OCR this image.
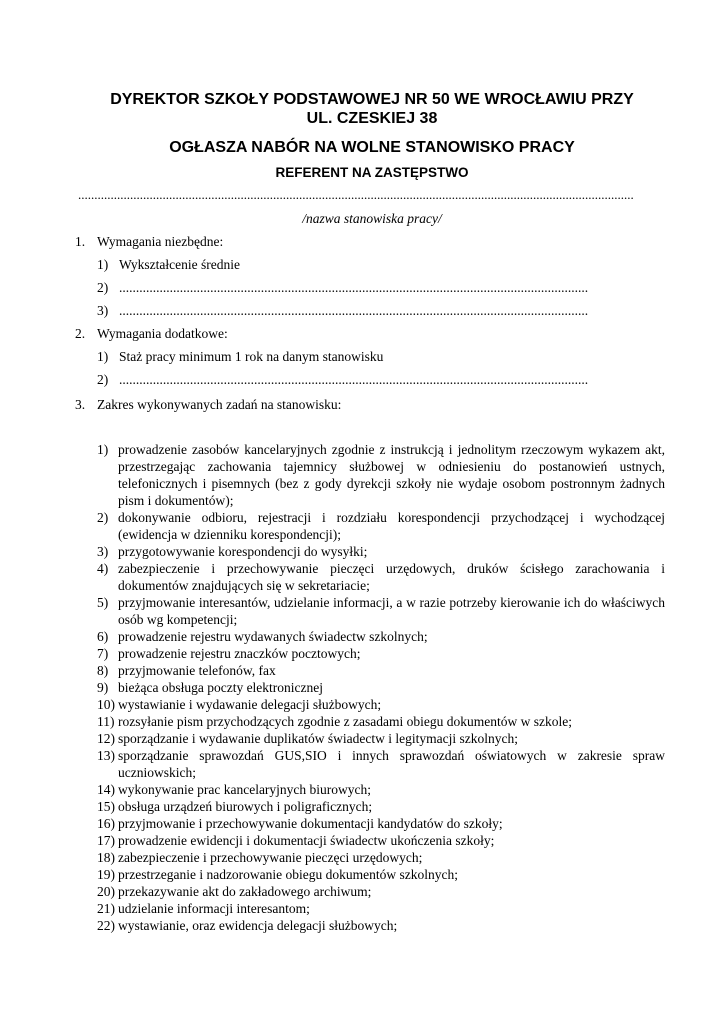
DYREKTOR SZKOŁY PODSTAWOWEJ NR 50 WE WROCŁAWIU PRZY
UL. CZESKIEJ 38
OGŁASZA NABÓR NA WOLNE STANOWISKO PRACY
REFERENT NA ZASTĘPSTWO
...........................................................................................................................................................................
/nazwa stanowiska pracy/
1. Wymagania niezbędne:
1) Wykształcenie średnie
2) ...........................................................................................................................................
3) ...........................................................................................................................................
2. Wymagania dodatkowe:
1) Staż pracy minimum 1 rok na danym stanowisku
2) ...........................................................................................................................................
3. Zakres wykonywanych zadań na stanowisku:
1) prowadzenie zasobów kancelaryjnych zgodnie z instrukcją i jednolitym rzeczowym wykazem akt, przestrzegając zachowania tajemnicy służbowej w odniesieniu do postanowień ustnych, telefonicznych i pisemnych (bez z gody dyrekcji szkoły nie wydaje osobom postronnym żadnych pism i dokumentów);
2) dokonywanie odbioru, rejestracji i rozdziału korespondencji przychodzącej i wychodzącej (ewidencja w dzienniku korespondencji);
3) przygotowywanie korespondencji do wysyłki;
4) zabezpieczenie i przechowywanie pieczęci urzędowych, druków ścisłego zarachowania i dokumentów znajdujących się w sekretariacie;
5) przyjmowanie interesantów, udzielanie informacji, a w razie potrzeby kierowanie ich do właściwych osób wg kompetencji;
6) prowadzenie rejestru wydawanych świadectw szkolnych;
7) prowadzenie rejestru znaczków pocztowych;
8) przyjmowanie telefonów, fax
9) bieżąca obsługa poczty elektronicznej
10) wystawianie i wydawanie delegacji służbowych;
11) rozsyłanie pism przychodzących zgodnie z zasadami obiegu dokumentów w szkole;
12) sporządzanie i wydawanie duplikatów świadectw i legitymacji szkolnych;
13) sporządzanie sprawozdań GUS,SIO i innych sprawozdań oświatowych w zakresie spraw uczniowskich;
14) wykonywanie prac kancelaryjnych biurowych;
15) obsługa urządzeń biurowych i poligraficznych;
16) przyjmowanie i przechowywanie dokumentacji kandydatów do szkoły;
17) prowadzenie ewidencji i dokumentacji świadectw ukończenia szkoły;
18) zabezpieczenie i przechowywanie pieczęci urzędowych;
19) przestrzeganie i nadzorowanie obiegu dokumentów szkolnych;
20) przekazywanie akt do zakładowego archiwum;
21) udzielanie informacji interesantom;
22) wystawianie, oraz ewidencja delegacji służbowych;
